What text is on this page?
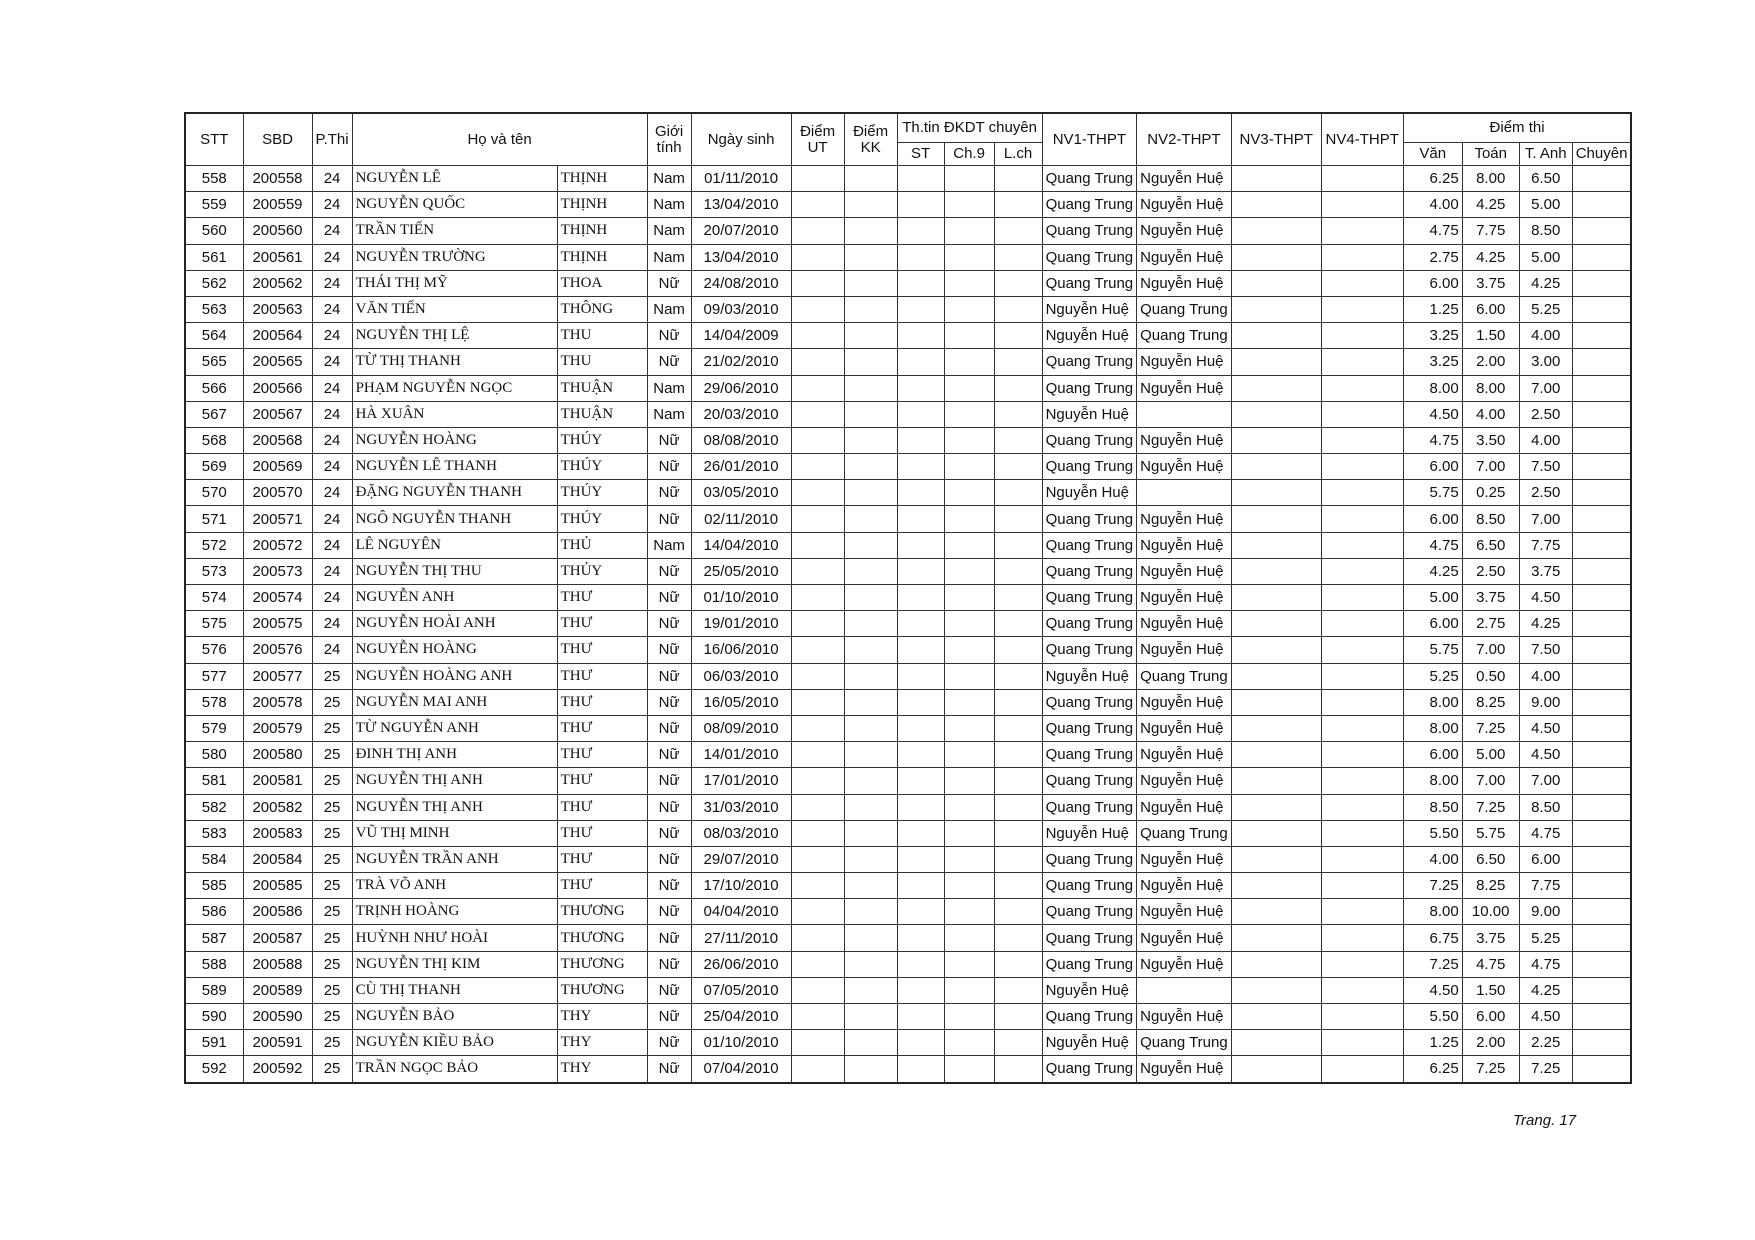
STT	SBD	P.Thi	Họ và tên		Giới tính	Ngày sinh	Điểm UT	Điểm KK	Th.tin ĐKDT chuyên			NV1-THPT	NV2-THPT	NV3-THPT	NV4-THPT	Điểm thi			
									ST	Ch.9	L.ch					Văn	Toán	T. Anh	Chuyên
558	200558	24	NGUYỄN LÊ	THỊNH	Nam	01/11/2010						Quang Trung	Nguyễn Huệ			6.25	8.00	6.50	
559	200559	24	NGUYỄN QUỐC	THỊNH	Nam	13/04/2010						Quang Trung	Nguyễn Huệ			4.00	4.25	5.00	
560	200560	24	TRẦN TIẾN	THỊNH	Nam	20/07/2010						Quang Trung	Nguyễn Huệ			4.75	7.75	8.50	
561	200561	24	NGUYỄN TRƯỜNG	THỊNH	Nam	13/04/2010						Quang Trung	Nguyễn Huệ			2.75	4.25	5.00	
562	200562	24	THÁI THỊ MỸ	THOA	Nữ	24/08/2010						Quang Trung	Nguyễn Huệ			6.00	3.75	4.25	
563	200563	24	VĂN TIẾN	THÔNG	Nam	09/03/2010						Nguyễn Huệ	Quang Trung			1.25	6.00	5.25	
564	200564	24	NGUYỄN THỊ LỆ	THU	Nữ	14/04/2009						Nguyễn Huệ	Quang Trung			3.25	1.50	4.00	
565	200565	24	TỪ THỊ THANH	THU	Nữ	21/02/2010						Quang Trung	Nguyễn Huệ			3.25	2.00	3.00	
566	200566	24	PHẠM NGUYỄN NGỌC	THUẬN	Nam	29/06/2010						Quang Trung	Nguyễn Huệ			8.00	8.00	7.00	
567	200567	24	HÀ XUÂN	THUẬN	Nam	20/03/2010						Nguyễn Huệ				4.50	4.00	2.50	
568	200568	24	NGUYỄN HOÀNG	THÚY	Nữ	08/08/2010						Quang Trung	Nguyễn Huệ			4.75	3.50	4.00	
569	200569	24	NGUYỄN LÊ THANH	THÚY	Nữ	26/01/2010						Quang Trung	Nguyễn Huệ			6.00	7.00	7.50	
570	200570	24	ĐẶNG NGUYỄN THANH	THÚY	Nữ	03/05/2010						Nguyễn Huệ				5.75	0.25	2.50	
571	200571	24	NGÔ NGUYỄN THANH	THÚY	Nữ	02/11/2010						Quang Trung	Nguyễn Huệ			6.00	8.50	7.00	
572	200572	24	LÊ NGUYÊN	THỦ	Nam	14/04/2010						Quang Trung	Nguyễn Huệ			4.75	6.50	7.75	
573	200573	24	NGUYỄN THỊ THU	THỦY	Nữ	25/05/2010						Quang Trung	Nguyễn Huệ			4.25	2.50	3.75	
574	200574	24	NGUYỄN ANH	THƯ	Nữ	01/10/2010						Quang Trung	Nguyễn Huệ			5.00	3.75	4.50	
575	200575	24	NGUYỄN HOÀI ANH	THƯ	Nữ	19/01/2010						Quang Trung	Nguyễn Huệ			6.00	2.75	4.25	
576	200576	24	NGUYỄN HOÀNG	THƯ	Nữ	16/06/2010						Quang Trung	Nguyễn Huệ			5.75	7.00	7.50	
577	200577	25	NGUYỄN HOÀNG ANH	THƯ	Nữ	06/03/2010						Nguyễn Huệ	Quang Trung			5.25	0.50	4.00	
578	200578	25	NGUYỄN MAI ANH	THƯ	Nữ	16/05/2010						Quang Trung	Nguyễn Huệ			8.00	8.25	9.00	
579	200579	25	TỪ NGUYỄN ANH	THƯ	Nữ	08/09/2010						Quang Trung	Nguyễn Huệ			8.00	7.25	4.50	
580	200580	25	ĐINH THỊ ANH	THƯ	Nữ	14/01/2010						Quang Trung	Nguyễn Huệ			6.00	5.00	4.50	
581	200581	25	NGUYỄN THỊ ANH	THƯ	Nữ	17/01/2010						Quang Trung	Nguyễn Huệ			8.00	7.00	7.00	
582	200582	25	NGUYỄN THỊ ANH	THƯ	Nữ	31/03/2010						Quang Trung	Nguyễn Huệ			8.50	7.25	8.50	
583	200583	25	VŨ THỊ MINH	THƯ	Nữ	08/03/2010						Nguyễn Huệ	Quang Trung			5.50	5.75	4.75	
584	200584	25	NGUYỄN TRẦN ANH	THƯ	Nữ	29/07/2010						Quang Trung	Nguyễn Huệ			4.00	6.50	6.00	
585	200585	25	TRÀ VÕ ANH	THƯ	Nữ	17/10/2010						Quang Trung	Nguyễn Huệ			7.25	8.25	7.75	
586	200586	25	TRỊNH HOÀNG	THƯƠNG	Nữ	04/04/2010						Quang Trung	Nguyễn Huệ			8.00	10.00	9.00	
587	200587	25	HUỲNH NHƯ HOÀI	THƯƠNG	Nữ	27/11/2010						Quang Trung	Nguyễn Huệ			6.75	3.75	5.25	
588	200588	25	NGUYỄN THỊ KIM	THƯƠNG	Nữ	26/06/2010						Quang Trung	Nguyễn Huệ			7.25	4.75	4.75	
589	200589	25	CÙ THỊ THANH	THƯƠNG	Nữ	07/05/2010						Nguyễn Huệ				4.50	1.50	4.25	
590	200590	25	NGUYỄN BẢO	THY	Nữ	25/04/2010						Quang Trung	Nguyễn Huệ			5.50	6.00	4.50	
591	200591	25	NGUYỄN KIỀU BẢO	THY	Nữ	01/10/2010						Nguyễn Huệ	Quang Trung			1.25	2.00	2.25	
592	200592	25	TRẦN NGỌC BẢO	THY	Nữ	07/04/2010						Quang Trung	Nguyễn Huệ			6.25	7.25	7.25	
Trang. 17
